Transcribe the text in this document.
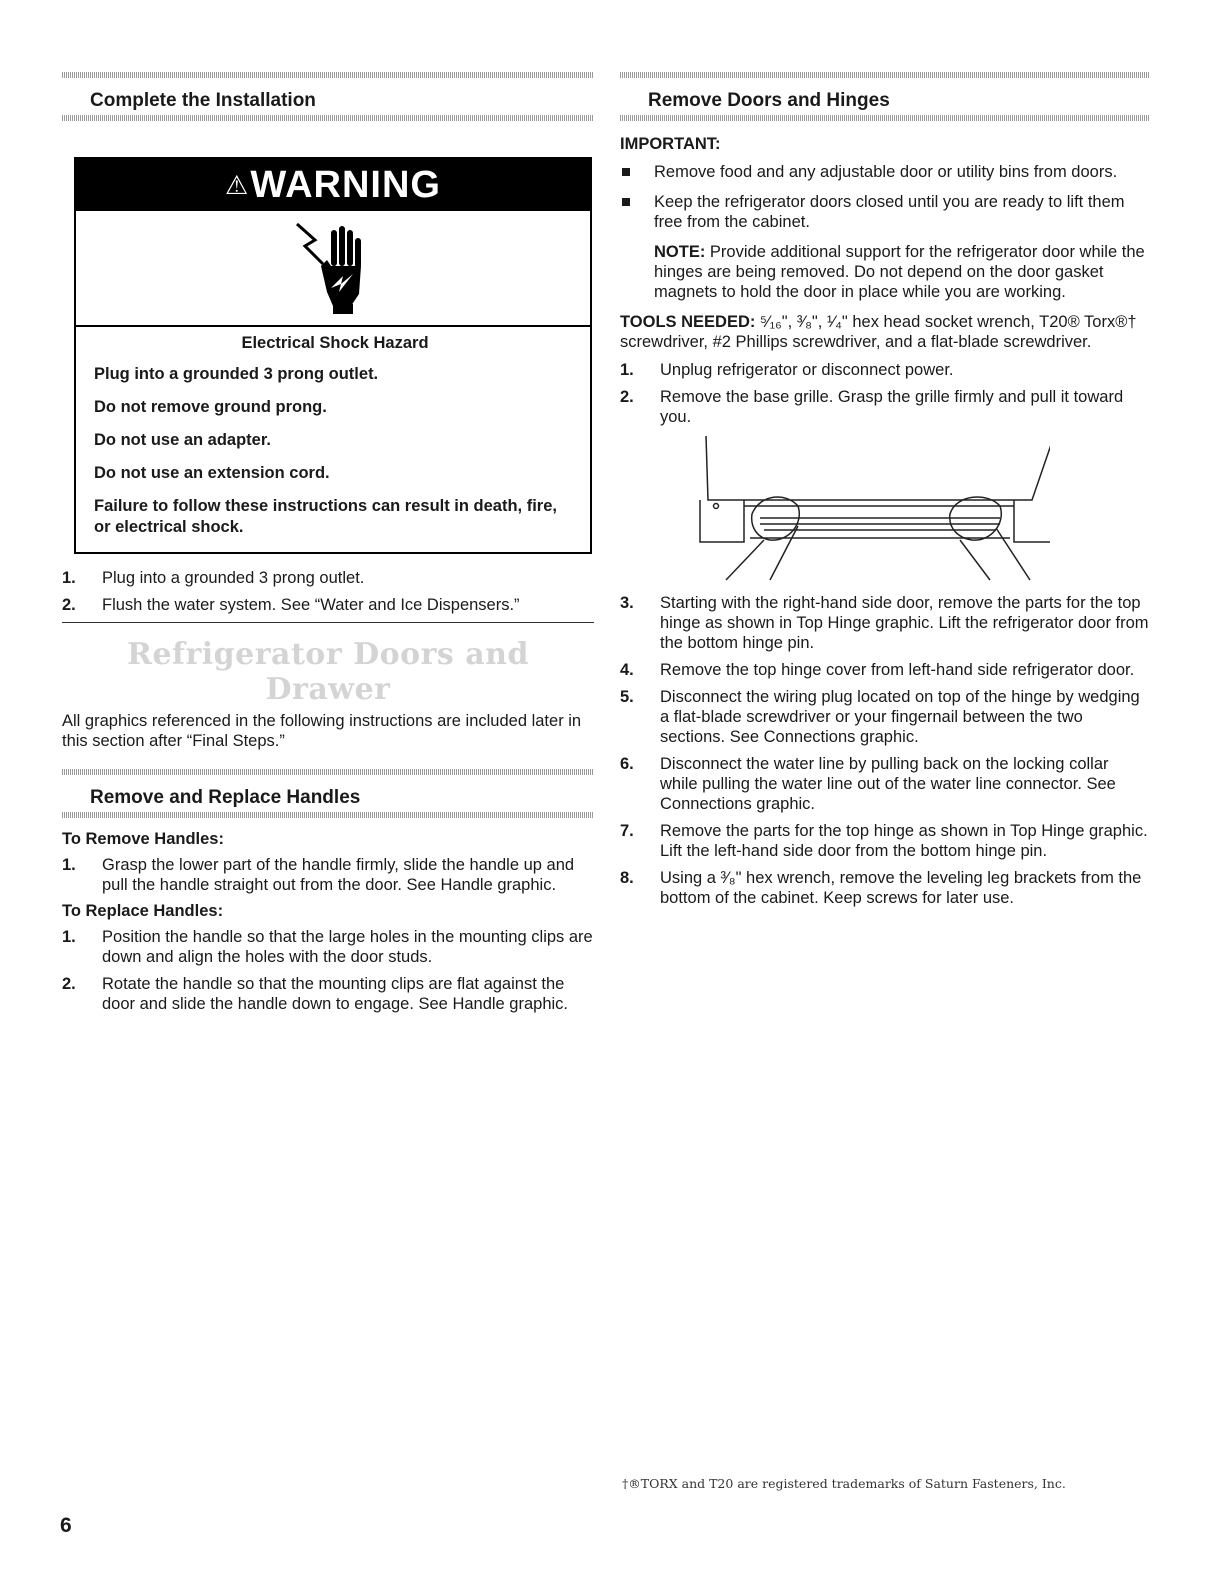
Complete the Installation
⚠ WARNING

Electrical Shock Hazard

Plug into a grounded 3 prong outlet.

Do not remove ground prong.

Do not use an adapter.

Do not use an extension cord.

Failure to follow these instructions can result in death, fire, or electrical shock.

1. Plug into a grounded 3 prong outlet.
2. Flush the water system. See “Water and Ice Dispensers.”
Refrigerator Doors and Drawer

All graphics referenced in the following instructions are included later in this section after “Final Steps.”

Remove and Replace Handles
To Remove Handles:
1. Grasp the lower part of the handle firmly, slide the handle up and pull the handle straight out from the door. See Handle graphic.
To Replace Handles:
1. Position the handle so that the large holes in the mounting clips are down and align the holes with the door studs.
2. Rotate the handle so that the mounting clips are flat against the door and slide the handle down to engage. See Handle graphic.
Remove Doors and Hinges
IMPORTANT:
Remove food and any adjustable door or utility bins from doors.
Keep the refrigerator doors closed until you are ready to lift them free from the cabinet.

NOTE: Provide additional support for the refrigerator door while the hinges are being removed. Do not depend on the door gasket magnets to hold the door in place while you are working.

TOOLS NEEDED: ⁵⁄₁₆", ³⁄₈", ¹⁄₄" hex head socket wrench, T20® Torx®† screwdriver, #2 Phillips screwdriver, and a flat-blade screwdriver.

1. Unplug refrigerator or disconnect power.
2. Remove the base grille. Grasp the grille firmly and pull it toward you.
3. Starting with the right-hand side door, remove the parts for the top hinge as shown in Top Hinge graphic. Lift the refrigerator door from the bottom hinge pin.
4. Remove the top hinge cover from left-hand side refrigerator door.
5. Disconnect the wiring plug located on top of the hinge by wedging a flat-blade screwdriver or your fingernail between the two sections. See Connections graphic.
6. Disconnect the water line by pulling back on the locking collar while pulling the water line out of the water line connector. See Connections graphic.
7. Remove the parts for the top hinge as shown in Top Hinge graphic. Lift the left-hand side door from the bottom hinge pin.
8. Using a ³⁄₈" hex wrench, remove the leveling leg brackets from the bottom of the cabinet. Keep screws for later use.
†®TORX and T20 are registered trademarks of Saturn Fasteners, Inc.
6
